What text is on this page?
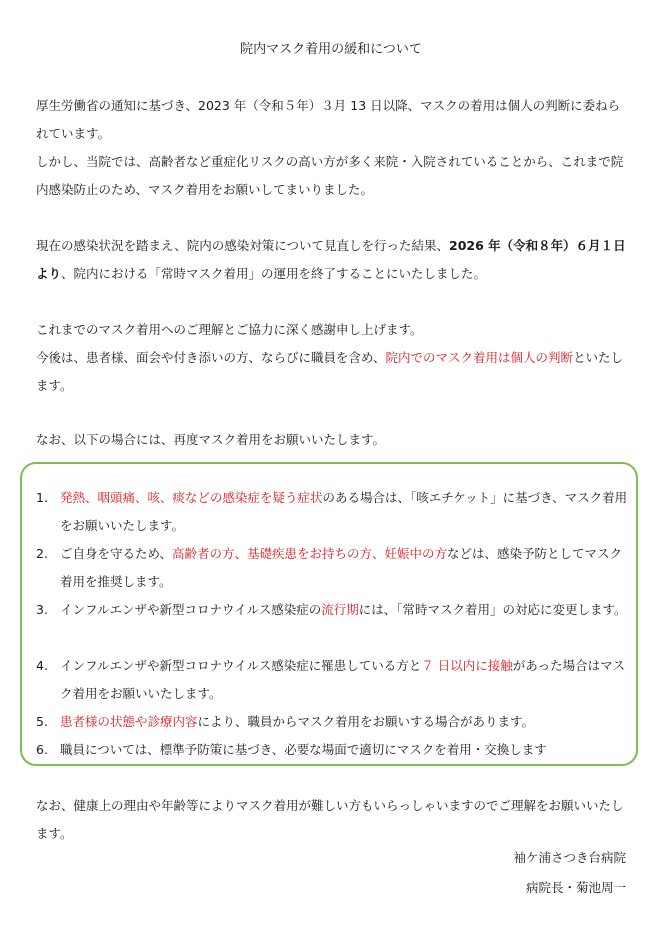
院内マスク着用の緩和について

厚生労働省の通知に基づき、2023 年（令和５年）３月 13 日以降、マスクの着用は個人の判断に委ねられています。

しかし、当院では、高齢者など重症化リスクの高い方が多く来院・入院されていることから、これまで院内感染防止のため、マスク着用をお願いしてまいりました。

現在の感染状況を踏まえ、院内の感染対策について見直しを行った結果、2026 年（令和８年）６月１日より、院内における「常時マスク着用」の運用を終了することにいたしました。

これまでのマスク着用へのご理解とご協力に深く感謝申し上げます。

今後は、患者様、面会や付き添いの方、ならびに職員を含め、院内でのマスク着用は個人の判断といたします。

なお、以下の場合には、再度マスク着用をお願いいたします。

1. 発熱、咽頭痛、咳、痰などの感染症を疑う症状のある場合は、「咳エチケット」に基づき、マスク着用をお願いいたします。
2. ご自身を守るため、高齢者の方、基礎疾患をお持ちの方、妊娠中の方などは、感染予防としてマスク着用を推奨します。
3. インフルエンザや新型コロナウイルス感染症の流行期には、「常時マスク着用」の対応に変更します。
4. インフルエンザや新型コロナウイルス感染症に罹患している方と７ 日以内に接触があった場合はマスク着用をお願いいたします。
5. 患者様の状態や診療内容により、職員からマスク着用をお願いする場合があります。
6. 職員については、標準予防策に基づき、必要な場面で適切にマスクを着用・交換します

なお、健康上の理由や年齢等によりマスク着用が難しい方もいらっしゃいますのでご理解をお願いいたします。

袖ケ浦さつき台病院
病院長・菊池周一
